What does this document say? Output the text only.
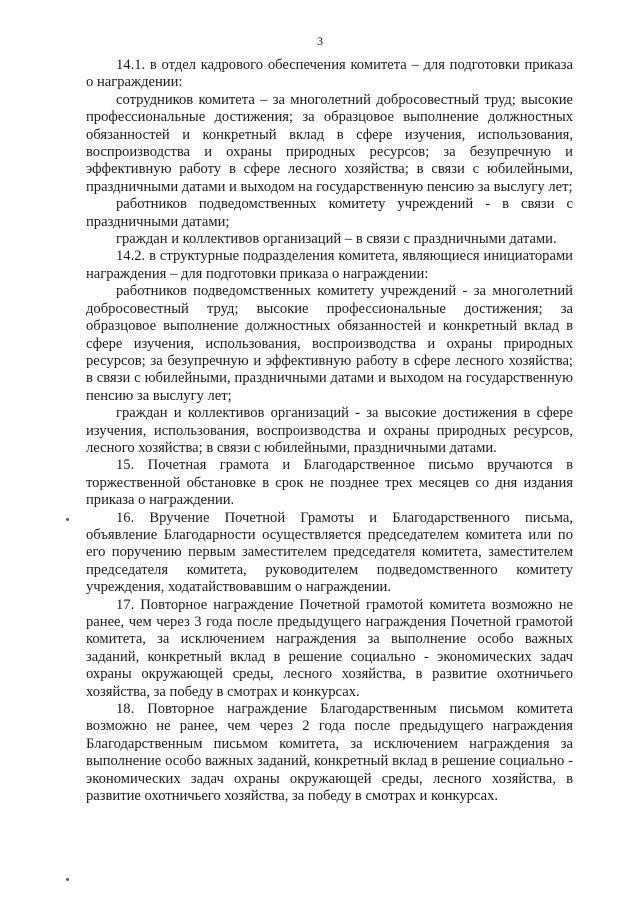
3

14.1. в отдел кадрового обеспечения комитета – для подготовки приказа о награждении:

сотрудников комитета – за многолетний добросовестный труд; высокие профессиональные достижения; за образцовое выполнение должностных обязанностей и конкретный вклад в сфере изучения, использования, воспроизводства и охраны природных ресурсов; за безупречную и эффективную работу в сфере лесного хозяйства; в связи с юбилейными, праздничными датами и выходом на государственную пенсию за выслугу лет;

работников подведомственных комитету учреждений - в связи с праздничными датами;

граждан и коллективов организаций – в связи с праздничными датами.

14.2. в структурные подразделения комитета, являющиеся инициаторами награждения – для подготовки приказа о награждении:

работников подведомственных комитету учреждений - за многолетний добросовестный труд; высокие профессиональные достижения; за образцовое выполнение должностных обязанностей и конкретный вклад в сфере изучения, использования, воспроизводства и охраны природных ресурсов; за безупречную и эффективную работу в сфере лесного хозяйства; в связи с юбилейными, праздничными датами и выходом на государственную пенсию за выслугу лет;

граждан и коллективов организаций - за высокие достижения в сфере изучения, использования, воспроизводства и охраны природных ресурсов, лесного хозяйства; в связи с юбилейными, праздничными датами.

15. Почетная грамота и Благодарственное письмо вручаются в торжественной обстановке в срок не позднее трех месяцев со дня издания приказа о награждении.

16. Вручение Почетной Грамоты и Благодарственного письма, объявление Благодарности осуществляется председателем комитета или по его поручению первым заместителем председателя комитета, заместителем председателя комитета, руководителем подведомственного комитету учреждения, ходатайствовавшим о награждении.

17. Повторное награждение Почетной грамотой комитета возможно не ранее, чем через 3 года после предыдущего награждения Почетной грамотой комитета, за исключением награждения за выполнение особо важных заданий, конкретный вклад в решение социально - экономических задач охраны окружающей среды, лесного хозяйства, в развитие охотничьего хозяйства, за победу в смотрах и конкурсах.

18. Повторное награждение Благодарственным письмом комитета возможно не ранее, чем через 2 года после предыдущего награждения Благодарственным письмом комитета, за исключением награждения за выполнение особо важных заданий, конкретный вклад в решение социально - экономических задач охраны окружающей среды, лесного хозяйства, в развитие охотничьего хозяйства, за победу в смотрах и конкурсах.
